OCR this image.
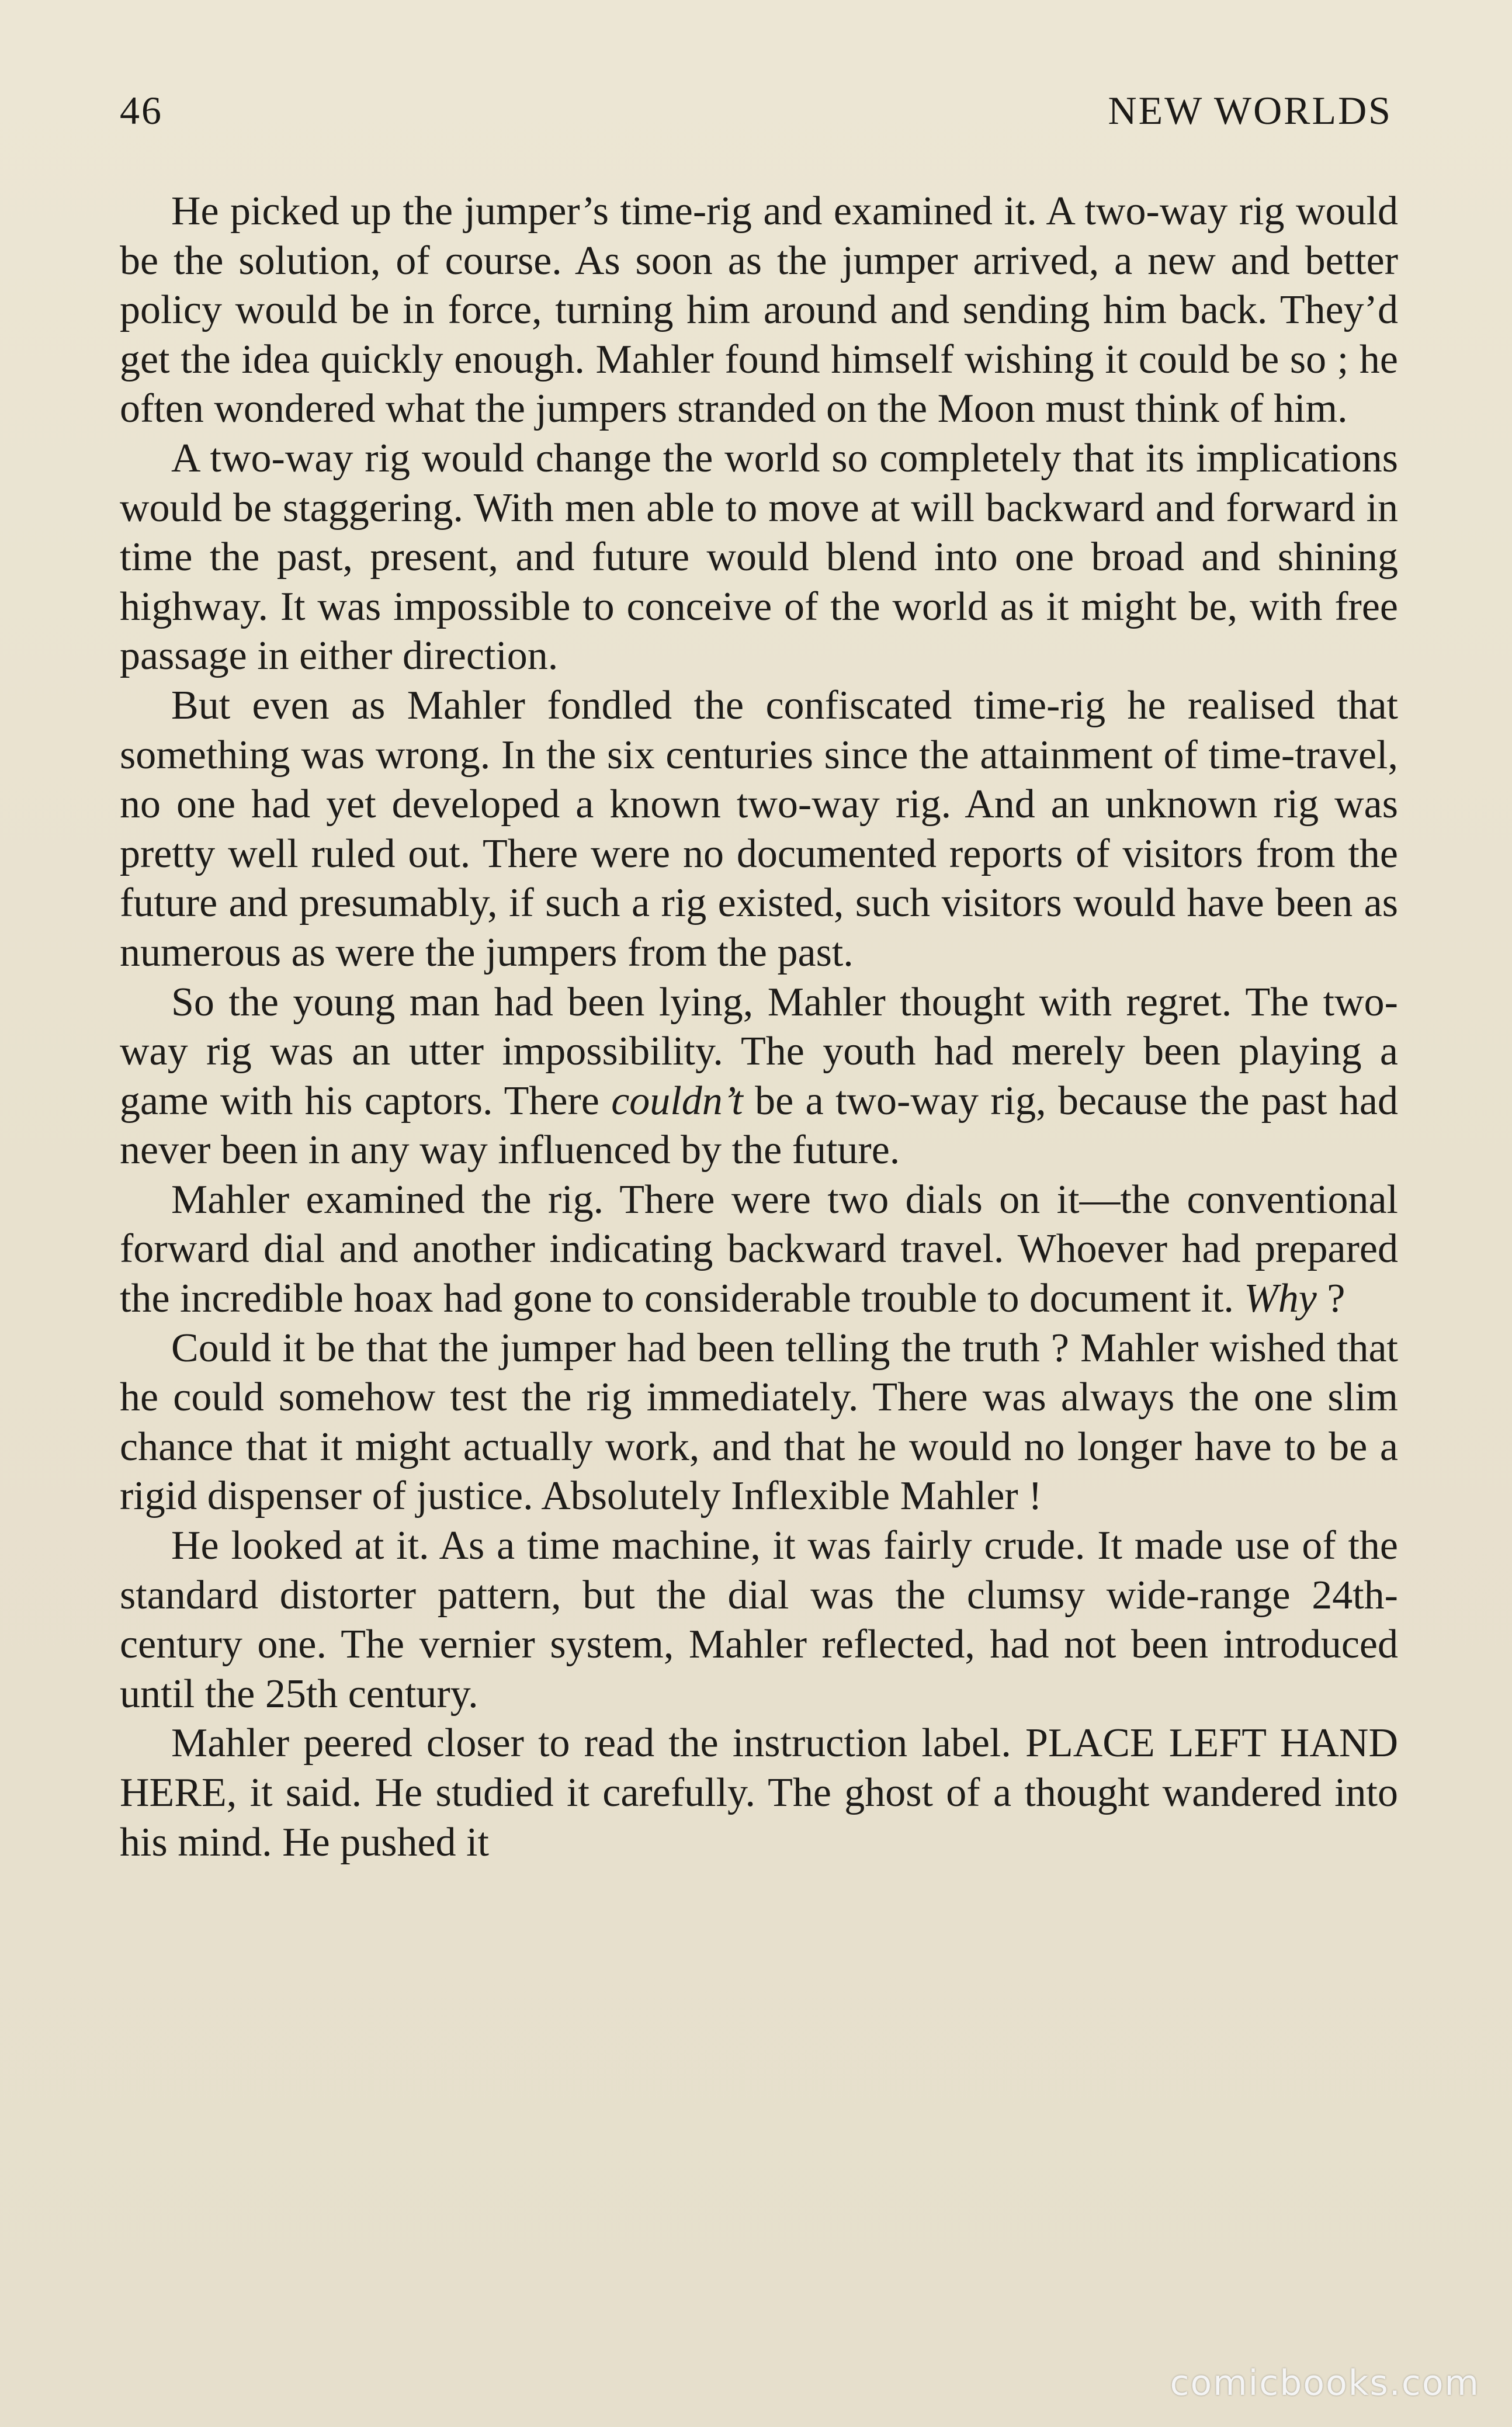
46	NEW WORLDS

He picked up the jumper’s time-rig and examined it. A two-way rig would be the solution, of course. As soon as the jumper arrived, a new and better policy would be in force, turning him around and sending him back. They’d get the idea quickly enough. Mahler found himself wishing it could be so ; he often wondered what the jumpers stranded on the Moon must think of him.

A two-way rig would change the world so completely that its implications would be staggering. With men able to move at will backward and forward in time the past, present, and future would blend into one broad and shining highway. It was impossible to conceive of the world as it might be, with free passage in either direction.

But even as Mahler fondled the confiscated time-rig he realised that something was wrong. In the six centuries since the attainment of time-travel, no one had yet developed a known two-way rig. And an unknown rig was pretty well ruled out. There were no documented reports of visitors from the future and presumably, if such a rig existed, such visitors would have been as numerous as were the jumpers from the past.

So the young man had been lying, Mahler thought with regret. The two-way rig was an utter impossibility. The youth had merely been playing a game with his captors. There couldn’t be a two-way rig, because the past had never been in any way influenced by the future.

Mahler examined the rig. There were two dials on it—the conventional forward dial and another indicating backward travel. Whoever had prepared the incredible hoax had gone to considerable trouble to document it. Why ?

Could it be that the jumper had been telling the truth ? Mahler wished that he could somehow test the rig immediately. There was always the one slim chance that it might actually work, and that he would no longer have to be a rigid dispenser of justice. Absolutely Inflexible Mahler !

He looked at it. As a time machine, it was fairly crude. It made use of the standard distorter pattern, but the dial was the clumsy wide-range 24th-century one. The vernier system, Mahler reflected, had not been introduced until the 25th century.

Mahler peered closer to read the instruction label. PLACE LEFT HAND HERE, it said. He studied it carefully. The ghost of a thought wandered into his mind. He pushed it

comicbooks.com
